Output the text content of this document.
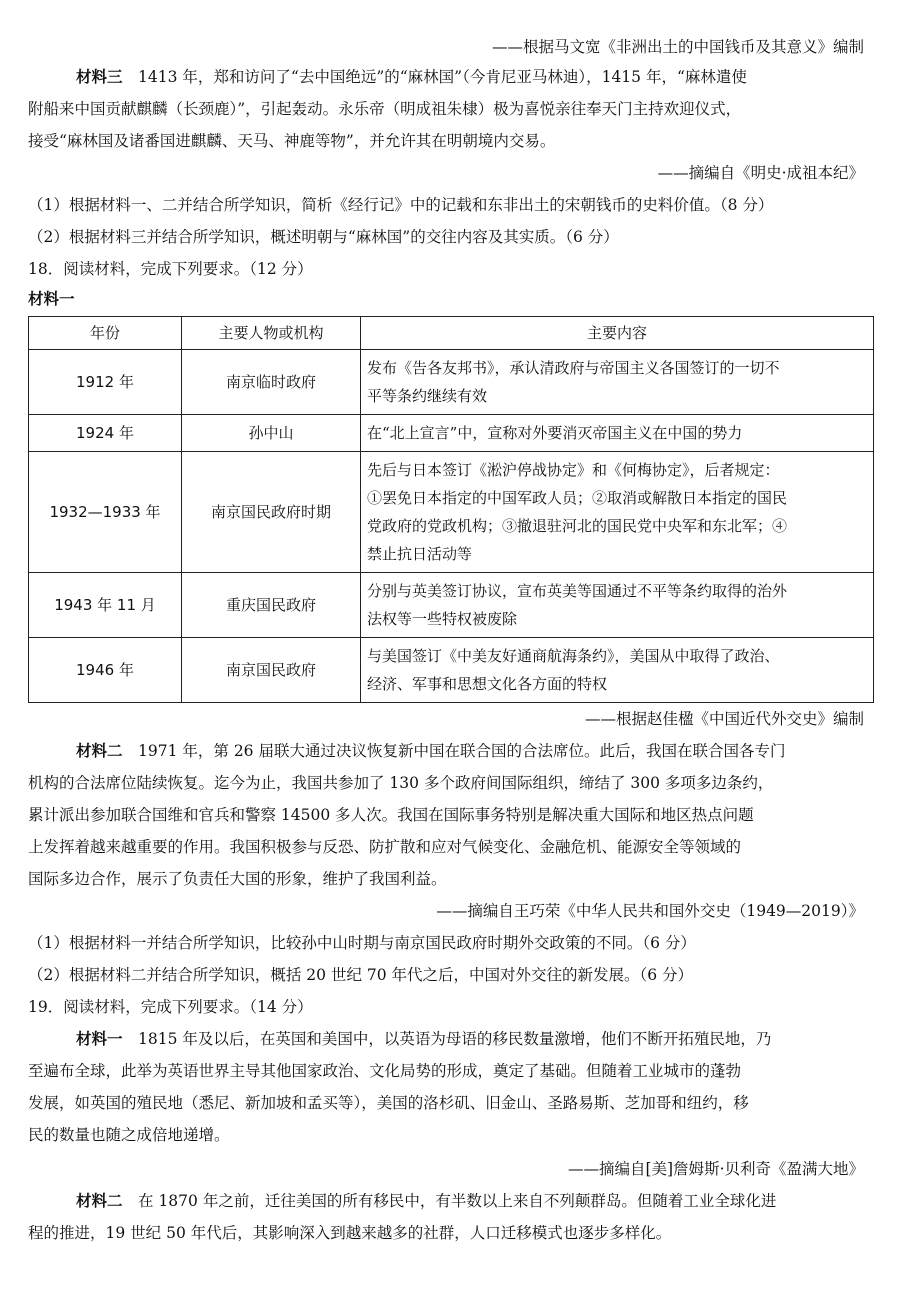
——根据马文宽《非洲出土的中国钱币及其意义》编制
材料三　1413 年，郑和访问了“去中国绝远”的“麻林国”（今肯尼亚马林迪），1415 年，“麻林遣使
附船来中国贡献麒麟（长颈鹿）”，引起轰动。永乐帝（明成祖朱棣）极为喜悦亲往奉天门主持欢迎仪式，
接受“麻林国及诸番国进麒麟、天马、神鹿等物”，并允许其在明朝境内交易。
——摘编自《明史·成祖本纪》
（1）根据材料一、二并结合所学知识，简析《经行记》中的记载和东非出土的宋朝钱币的史料价值。（8 分）
（2）根据材料三并结合所学知识，概述明朝与“麻林国”的交往内容及其实质。（6 分）
18．阅读材料，完成下列要求。（12 分）
材料一
年份	主要人物或机构	主要内容
1912 年	南京临时政府	发布《告各友邦书》，承认清政府与帝国主义各国签订的一切不
平等条约继续有效

1924 年	孙中山	在“北上宣言”中，宣称对外要消灭帝国主义在中国的势力

1932—1933 年	南京国民政府时期	先后与日本签订《淞沪停战协定》和《何梅协定》，后者规定：
①罢免日本指定的中国军政人员；②取消或解散日本指定的国民
党政府的党政机构；③撤退驻河北的国民党中央军和东北军；④
禁止抗日活动等

1943 年 11 月	重庆国民政府	分别与英美签订协议，宣布英美等国通过不平等条约取得的治外
法权等一些特权被废除

1946 年	南京国民政府	与美国签订《中美友好通商航海条约》，美国从中取得了政治、
经济、军事和思想文化各方面的特权
——根据赵佳楹《中国近代外交史》编制
材料二　1971 年，第 26 届联大通过决议恢复新中国在联合国的合法席位。此后，我国在联合国各专门
机构的合法席位陆续恢复。迄今为止，我国共参加了 130 多个政府间国际组织，缔结了 300 多项多边条约，
累计派出参加联合国维和官兵和警察 14500 多人次。我国在国际事务特别是解决重大国际和地区热点问题
上发挥着越来越重要的作用。我国积极参与反恐、防扩散和应对气候变化、金融危机、能源安全等领域的
国际多边合作，展示了负责任大国的形象，维护了我国利益。
——摘编自王巧荣《中华人民共和国外交史（1949—2019）》
（1）根据材料一并结合所学知识，比较孙中山时期与南京国民政府时期外交政策的不同。（6 分）
（2）根据材料二并结合所学知识，概括 20 世纪 70 年代之后，中国对外交往的新发展。（6 分）
19．阅读材料，完成下列要求。（14 分）
材料一　1815 年及以后，在英国和美国中，以英语为母语的移民数量激增，他们不断开拓殖民地，乃
至遍布全球，此举为英语世界主导其他国家政治、文化局势的形成，奠定了基础。但随着工业城市的蓬勃
发展，如英国的殖民地（悉尼、新加坡和孟买等），美国的洛杉矶、旧金山、圣路易斯、芝加哥和纽约，移
民的数量也随之成倍地递增。
——摘编自[美]詹姆斯·贝利奇《盈满大地》
材料二　在 1870 年之前，迁往美国的所有移民中，有半数以上来自不列颠群岛。但随着工业全球化进
程的推进，19 世纪 50 年代后，其影响深入到越来越多的社群，人口迁移模式也逐步多样化。
